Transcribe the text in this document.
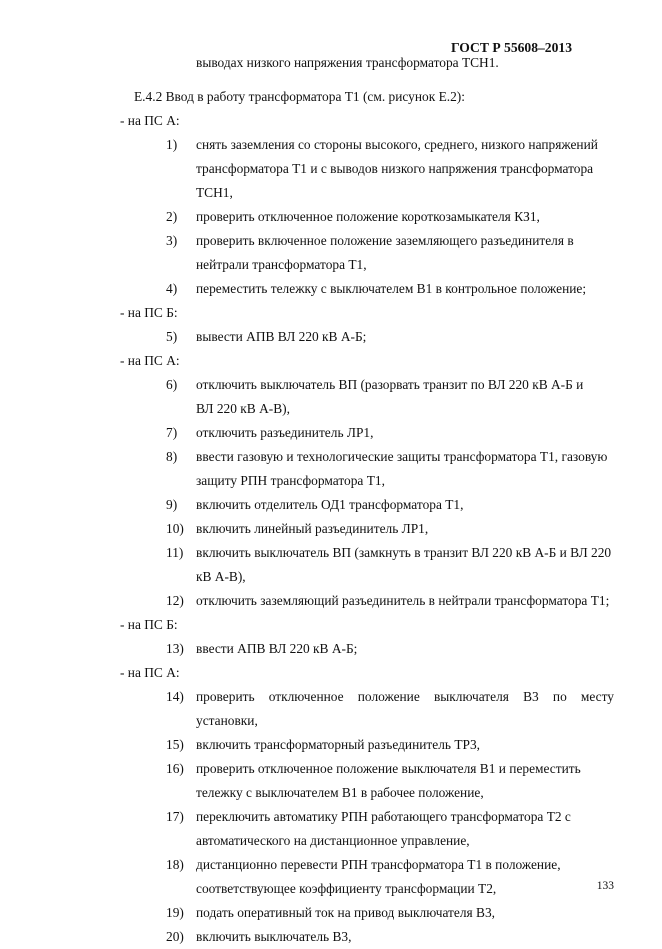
ГОСТ Р 55608–2013
выводах низкого напряжения трансформатора ТСН1.
Е.4.2 Ввод в работу трансформатора Т1 (см. рисунок Е.2):
- на ПС А:
1)	снять заземления со стороны высокого, среднего, низкого напряжений
трансформатора Т1 и с выводов низкого напряжения трансформатора
ТСН1,
2)	проверить отключенное положение короткозамыкателя КЗ1,
3)	проверить включенное положение заземляющего разъединителя в
нейтрали трансформатора Т1,
4)	переместить тележку с выключателем В1 в контрольное положение;
- на ПС Б:
5)	вывести АПВ ВЛ 220 кВ А-Б;
- на ПС А:
6)	отключить выключатель ВП (разорвать транзит по ВЛ 220 кВ А-Б и
ВЛ 220 кВ А-В),
7)	отключить разъединитель ЛР1,
8)	ввести газовую и технологические защиты трансформатора Т1, газовую
защиту РПН трансформатора Т1,
9)	включить отделитель ОД1 трансформатора Т1,
10) включить линейный разъединитель ЛР1,
11) включить выключатель ВП (замкнуть в транзит ВЛ 220 кВ А-Б и ВЛ 220
кВ А-В),
12) отключить заземляющий разъединитель в нейтрали трансформатора Т1;
- на ПС Б:
13) ввести АПВ ВЛ 220 кВ А-Б;
- на ПС А:
14) проверить отключенное положение выключателя В3 по месту установки,
15) включить трансформаторный разъединитель ТР3,
16) проверить отключенное положение выключателя В1 и переместить
тележку с выключателем В1 в рабочее положение,
17) переключить автоматику РПН работающего трансформатора Т2 с
автоматического на дистанционное управление,
18) дистанционно перевести РПН трансформатора Т1 в положение,
соответствующее коэффициенту трансформации Т2,
19) подать оперативный ток на привод выключателя В3,
20) включить выключатель В3,
133
